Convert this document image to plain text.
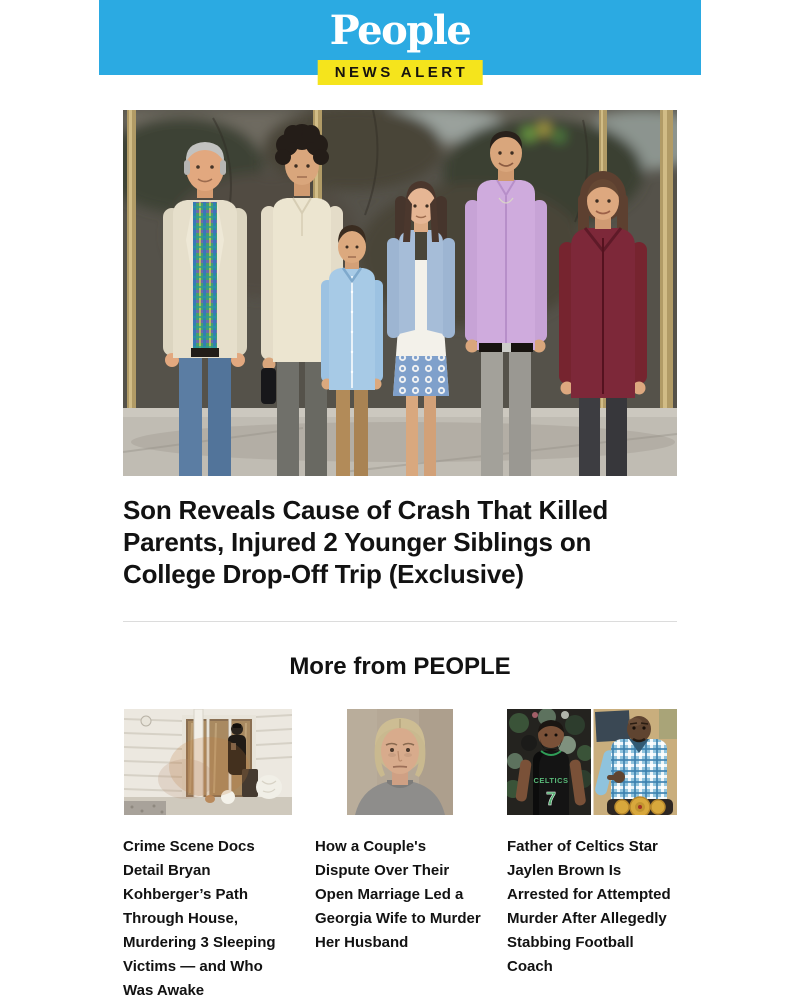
People
NEWS ALERT
Son Reveals Cause of Crash That Killed Parents, Injured 2 Younger Siblings on College Drop-Off Trip (Exclusive)
More from PEOPLE
Crime Scene Docs Detail Bryan Kohberger’s Path Through House, Murdering 3 Sleeping Victims — and Who Was Awake
How a Couple's Dispute Over Their Open Marriage Led a Georgia Wife to Murder Her Husband
CELTICS
7
Father of Celtics Star Jaylen Brown Is Arrested for Attempted Murder After Allegedly Stabbing Football Coach
